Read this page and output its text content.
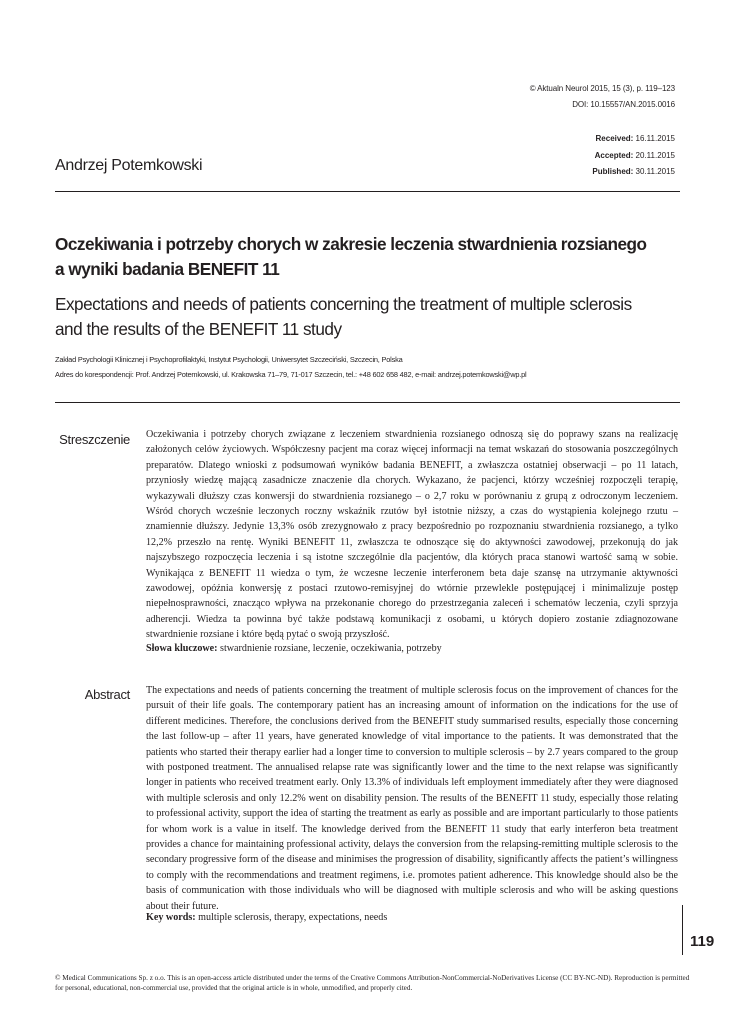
© Aktualn Neurol 2015, 15 (3), p. 119–123
DOI: 10.15557/AN.2015.0016
Received: 16.11.2015
Accepted: 20.11.2015
Published: 30.11.2015
Andrzej Potemkowski
Oczekiwania i potrzeby chorych w zakresie leczenia stwardnienia rozsianego
a wyniki badania BENEFIT 11
Expectations and needs of patients concerning the treatment of multiple sclerosis
and the results of the BENEFIT 11 study
Zakład Psychologii Klinicznej i Psychoprofilaktyki, Instytut Psychologii, Uniwersytet Szczeciński, Szczecin, Polska
Adres do korespondencji: Prof. Andrzej Potemkowski, ul. Krakowska 71–79, 71-017 Szczecin, tel.: +48 602 658 482, e-mail: andrzej.potemkowski@wp.pl
Streszczenie Oczekiwania i potrzeby chorych związane z leczeniem stwardnienia rozsianego odnoszą się do poprawy szans na realizację założonych celów życiowych. Współczesny pacjent ma coraz więcej informacji na temat wskazań do stosowania poszczególnych preparatów. Dlatego wnioski z podsumowań wyników badania BENEFIT, a zwłaszcza ostatniej obserwacji – po 11 latach, przyniosły wiedzę mającą zasadnicze znaczenie dla chorych. Wykazano, że pacjenci, którzy wcześniej rozpoczęli terapię, wykazywali dłuższy czas konwersji do stwardnienia rozsianego – o 2,7 roku w porównaniu z grupą z odroczonym leczeniem. Wśród chorych wcześnie leczonych roczny wskaźnik rzutów był istotnie niższy, a czas do wystąpienia kolejnego rzutu – znamiennie dłuższy. Jedynie 13,3% osób zrezygnowało z pracy bezpośrednio po rozpoznaniu stwardnienia rozsianego, a tylko 12,2% przeszło na rentę. Wyniki BENEFIT 11, zwłaszcza te odnoszące się do aktywności zawodowej, przekonują do jak najszybszego rozpoczęcia leczenia i są istotne szczególnie dla pacjentów, dla których praca stanowi wartość samą w sobie. Wynikająca z BENEFIT 11 wiedza o tym, że wczesne leczenie interferonem beta daje szansę na utrzymanie aktywności zawodowej, opóźnia konwersję z postaci rzutowo-remisyjnej do wtórnie przewlekle postępującej i minimalizuje postęp niepełnosprawności, znacząco wpływa na przekonanie chorego do przestrzegania zaleceń i schematów leczenia, czyli sprzyja adherencji. Wiedza ta powinna być także podstawą komunikacji z osobami, u których dopiero zostanie zdiagnozowane stwardnienie rozsiane i które będą pytać o swoją przyszłość.

Słowa kluczowe: stwardnienie rozsiane, leczenie, oczekiwania, potrzeby

Abstract The expectations and needs of patients concerning the treatment of multiple sclerosis focus on the improvement of chances for the pursuit of their life goals. The contemporary patient has an increasing amount of information on the indications for the use of different medicines. Therefore, the conclusions derived from the BENEFIT study summarised results, especially those concerning the last follow-up – after 11 years, have generated knowledge of vital importance to the patients. It was demonstrated that the patients who started their therapy earlier had a longer time to conversion to multiple sclerosis – by 2.7 years compared to the group with postponed treatment. The annualised relapse rate was significantly lower and the time to the next relapse was significantly longer in patients who received treatment early. Only 13.3% of individuals left employment immediately after they were diagnosed with multiple sclerosis and only 12.2% went on disability pension. The results of the BENEFIT 11 study, especially those relating to professional activity, support the idea of starting the treatment as early as possible and are important particularly to those patients for whom work is a value in itself. The knowledge derived from the BENEFIT 11 study that early interferon beta treatment provides a chance for maintaining professional activity, delays the conversion from the relapsing-remitting multiple sclerosis to the secondary progressive form of the disease and minimises the progression of disability, significantly affects the patient’s willingness to comply with the recommendations and treatment regimens, i.e. promotes patient adherence. This knowledge should also be the basis of communication with those individuals who will be diagnosed with multiple sclerosis and who will be asking questions about their future.

Key words: multiple sclerosis, therapy, expectations, needs

119

© Medical Communications Sp. z o.o. This is an open-access article distributed under the terms of the Creative Commons Attribution-NonCommercial-NoDerivatives License (CC BY-NC-ND). Reproduction is permitted for personal, educational, non-commercial use, provided that the original article is in whole, unmodified, and properly cited.
